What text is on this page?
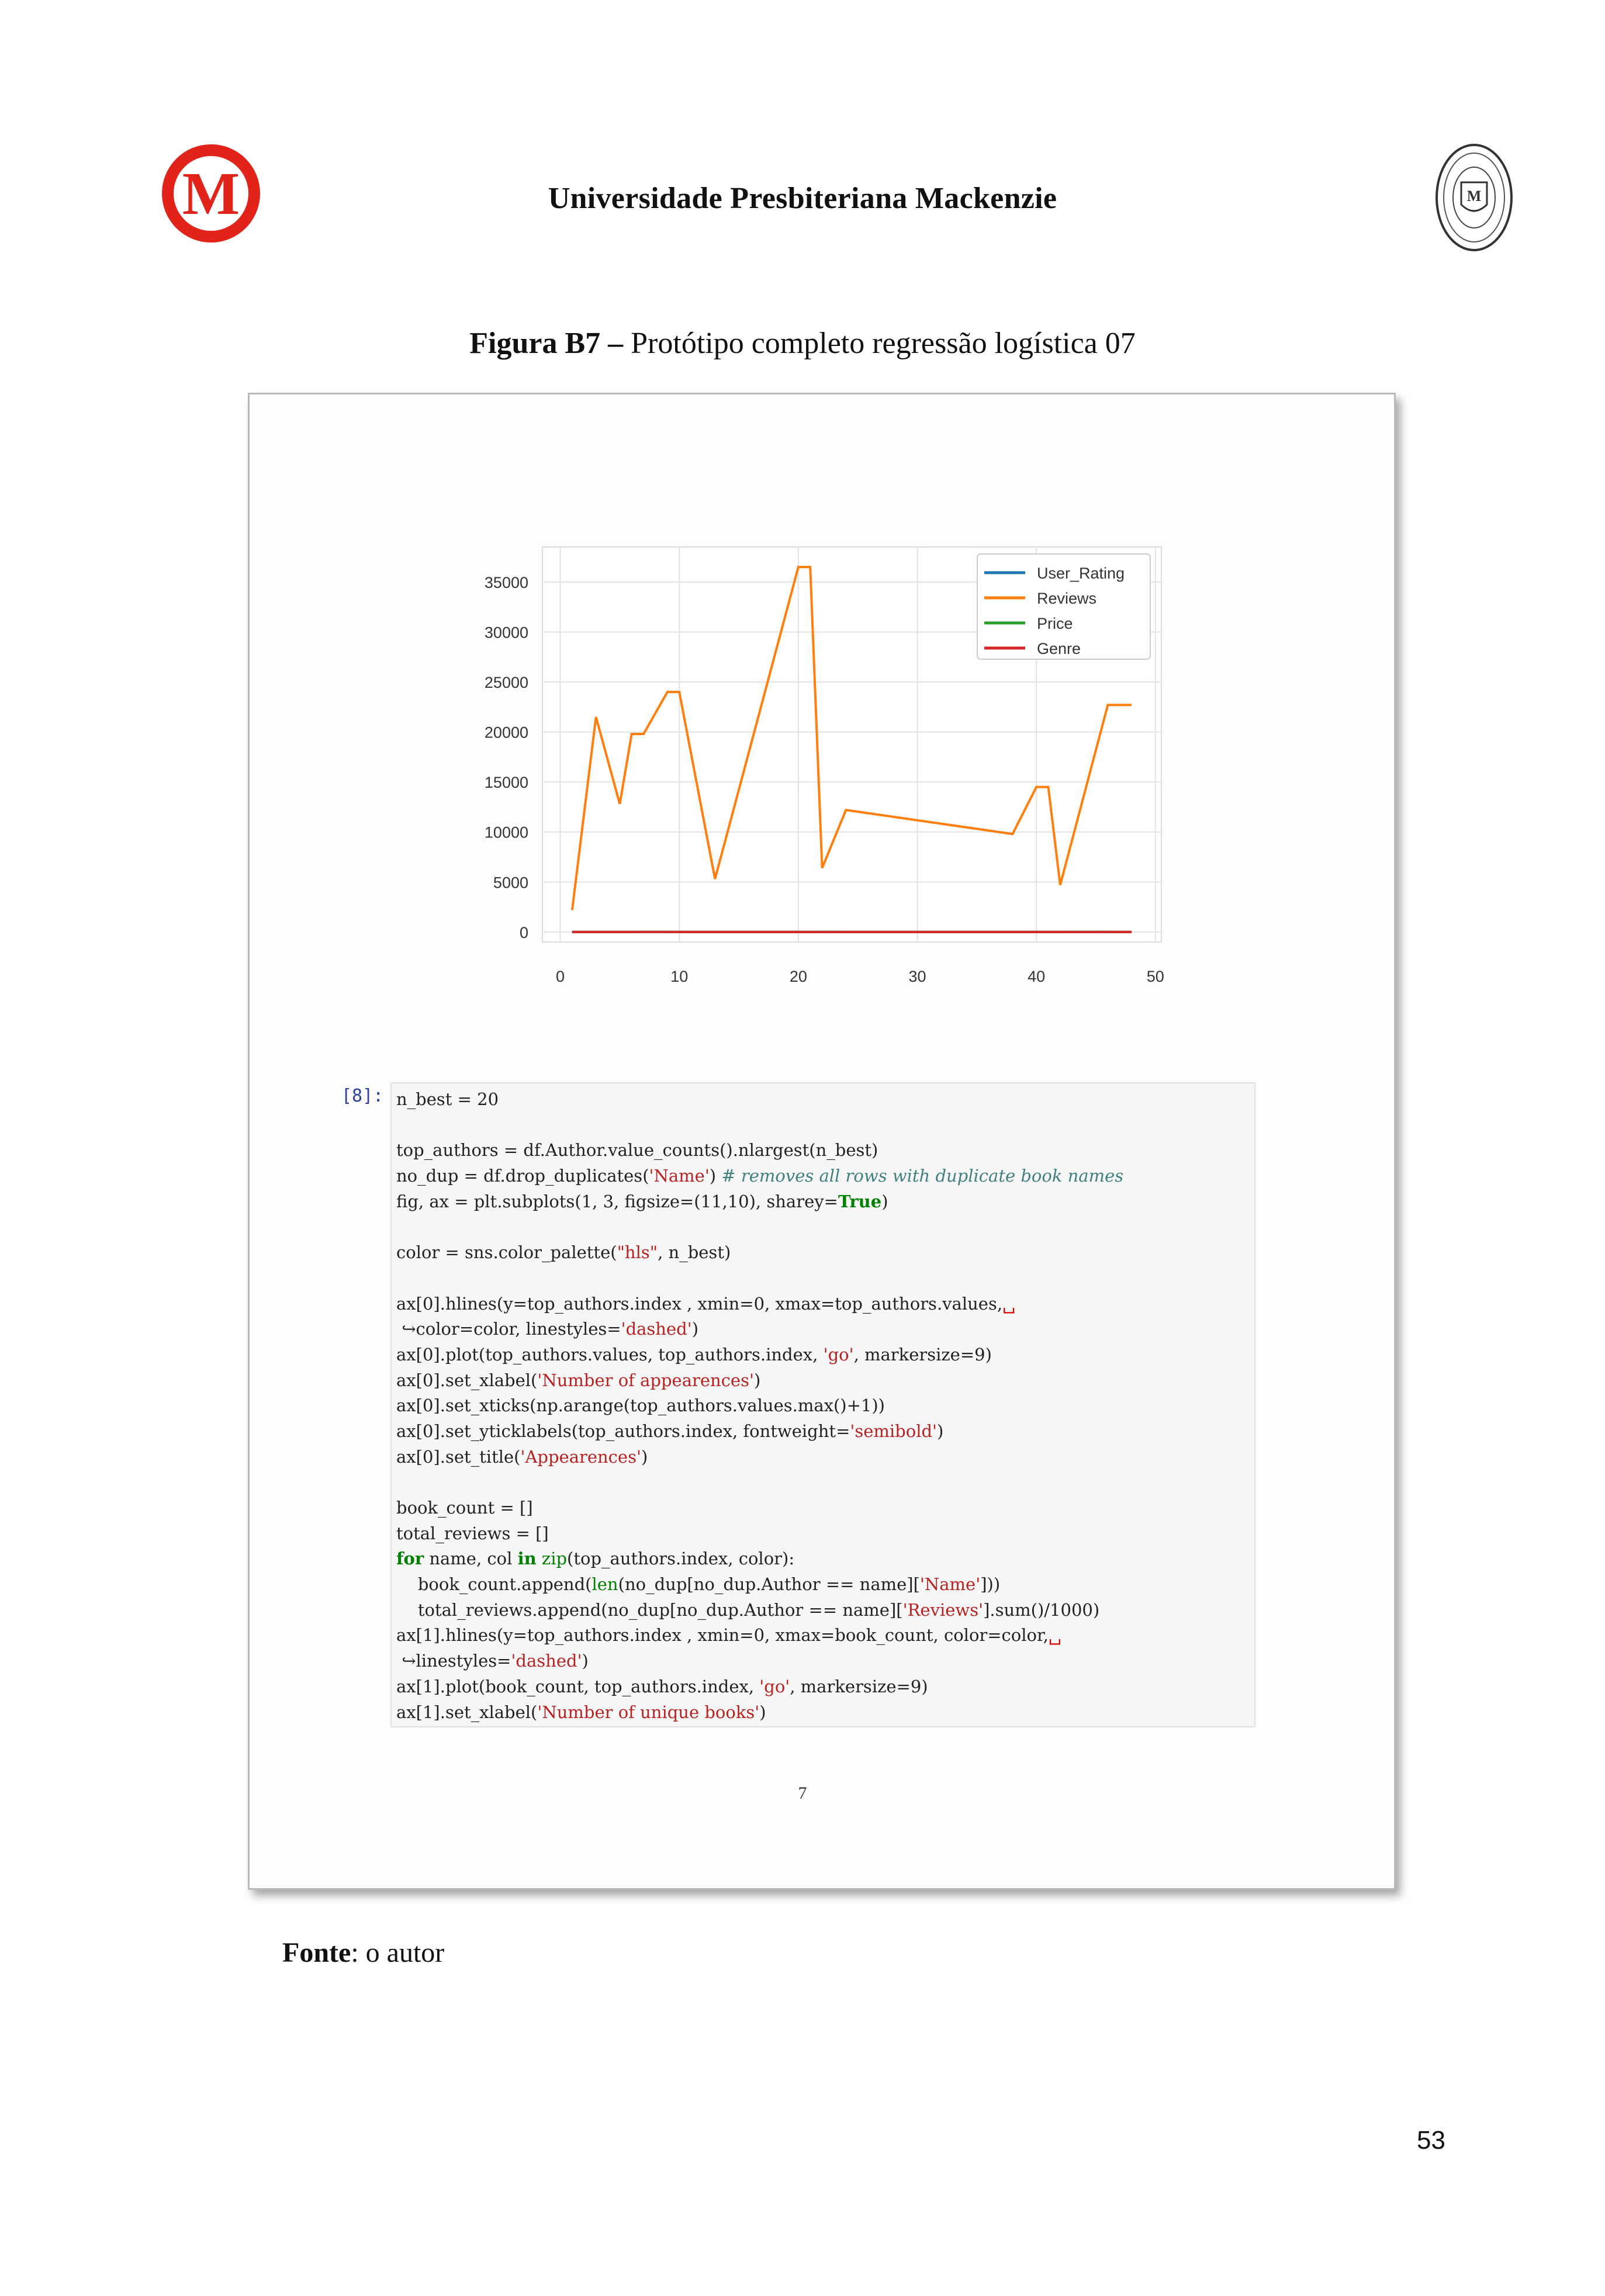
M	Universidade Presbiteriana Mackenzie	M
Figura B7 – Protótipo completo regressão logística 07
0	10	20	30	40	50
0
5000
10000
15000
20000
25000
30000
35000
User_Rating
Reviews
Price
Genre
[8]: n_best = 20

top_authors = df.Author.value_counts().nlargest(n_best)
no_dup = df.drop_duplicates('Name') # removes all rows with duplicate book names
fig, ax = plt.subplots(1, 3, figsize=(11,10), sharey=True)

color = sns.color_palette("hls", n_best)

ax[0].hlines(y=top_authors.index , xmin=0, xmax=top_authors.values,␣
↪color=color, linestyles='dashed')
ax[0].plot(top_authors.values, top_authors.index, 'go', markersize=9)
ax[0].set_xlabel('Number of appearences')
ax[0].set_xticks(np.arange(top_authors.values.max()+1))
ax[0].set_yticklabels(top_authors.index, fontweight='semibold')
ax[0].set_title('Appearences')

book_count = []
total_reviews = []
for name, col in zip(top_authors.index, color):
book_count.append(len(no_dup[no_dup.Author == name]['Name']))
total_reviews.append(no_dup[no_dup.Author == name]['Reviews'].sum()/1000)
ax[1].hlines(y=top_authors.index , xmin=0, xmax=book_count, color=color,␣
↪linestyles='dashed')
ax[1].plot(book_count, top_authors.index, 'go', markersize=9)
ax[1].set_xlabel('Number of unique books')
7
Fonte: o autor
53
